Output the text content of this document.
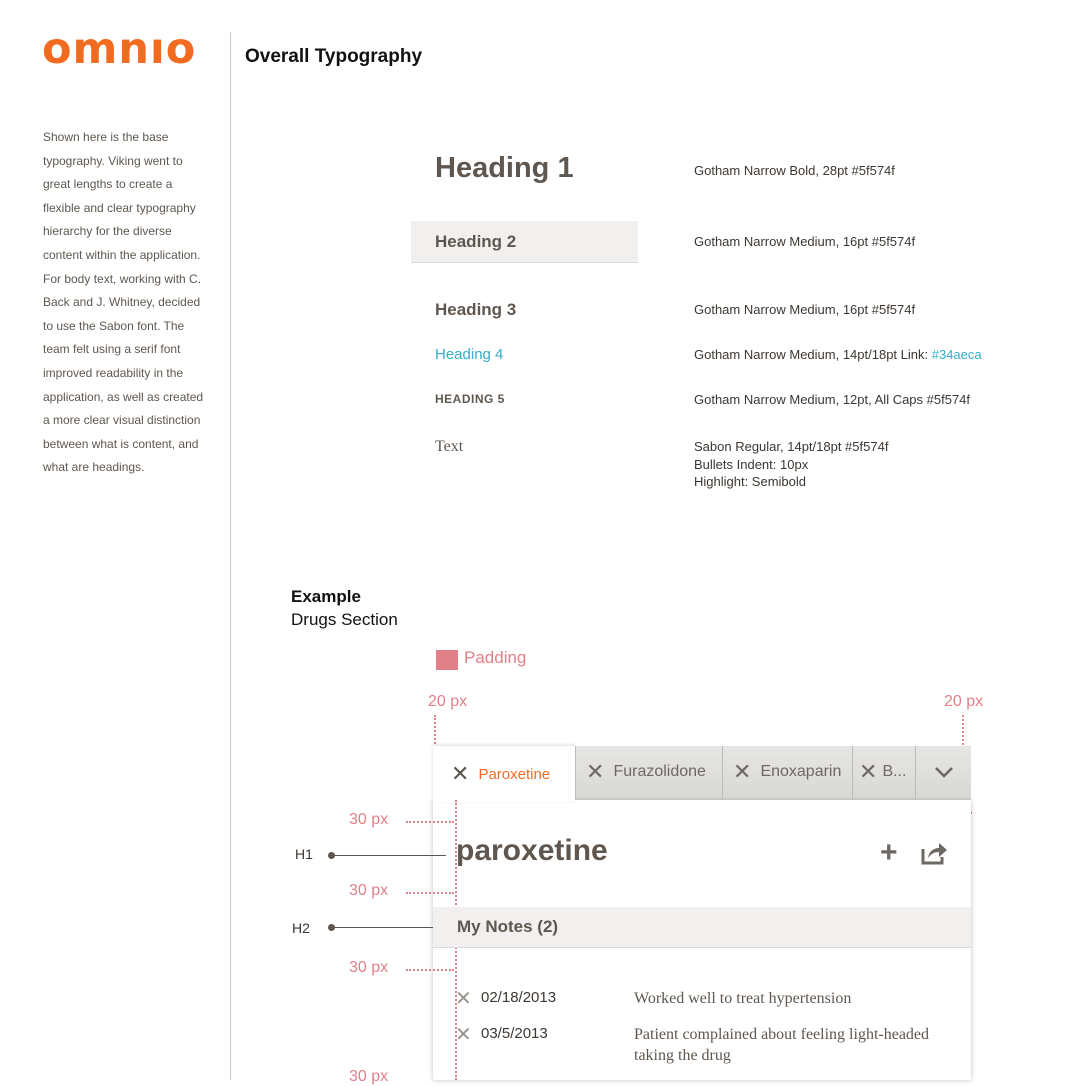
omnıo
Shown here is the base typography. Viking went to great lengths to create a flexible and clear typography hierarchy for the diverse content within the application. For body text, working with C. Back and J. Whitney, decided to use the Sabon font. The team felt using a serif font improved readability in the application, as well as created a more clear visual distinction between what is content, and what are headings.
Overall Typography
Heading 1	Gotham Narrow Bold, 28pt #5f574f
Heading 2	Gotham Narrow Medium, 16pt #5f574f
Heading 3	Gotham Narrow Medium, 16pt #5f574f
Heading 4	Gotham Narrow Medium, 14pt/18pt Link: #34aeca
HEADING 5	Gotham Narrow Medium, 12pt, All Caps #5f574f
Text	Sabon Regular, 14pt/18pt #5f574f
Bullets Indent: 10px
Highlight: Semibold
Example
Drugs Section
Padding
20 px	20 px
✕ Paroxetine ✕ Furazolidone ✕ Enoxaparin ✕ B...
30 px
30 px
30 px
30 px
H1
H2
paroxetine	+
My Notes (2)
✕ 02/18/2013	Worked well to treat hypertension
✕ 03/5/2013	Patient complained about feeling light-headed taking the drug
